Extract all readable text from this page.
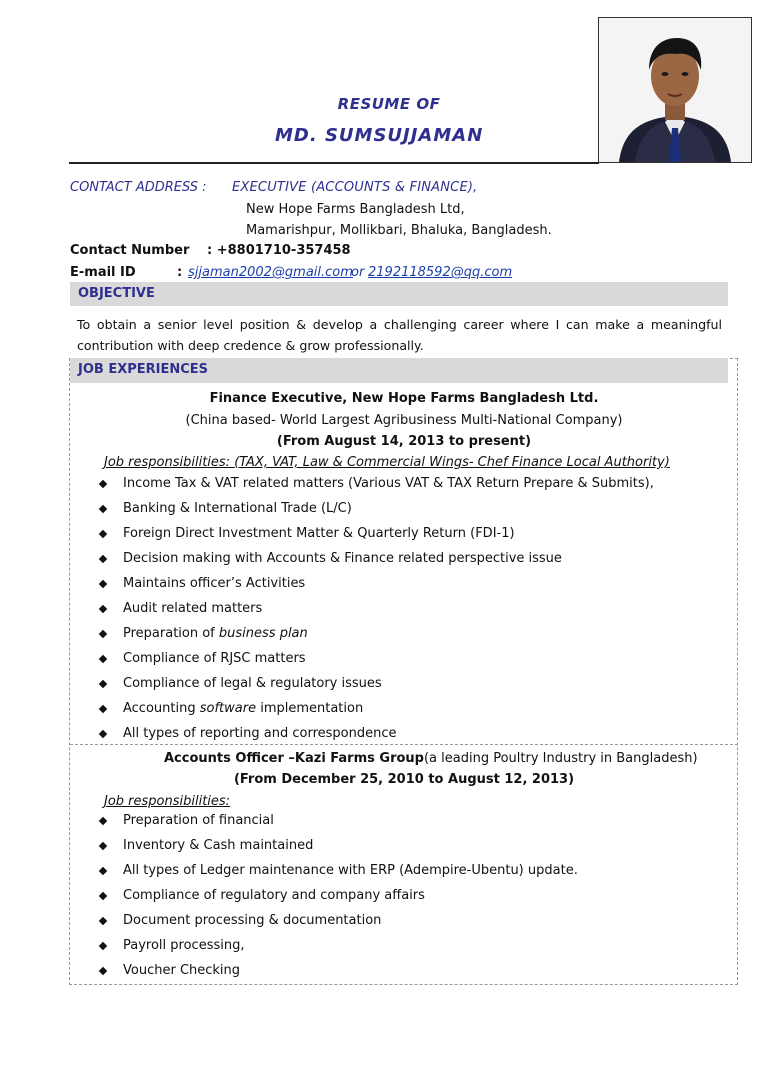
RESUME OF
MD. SUMSUJJAMAN
CONTACT ADDRESS : EXECUTIVE (ACCOUNTS & FINANCE),
New Hope Farms Bangladesh Ltd,
Mamarishpur, Mollikbari, Bhaluka, Bangladesh.
Contact Number : +8801710-357458
E-mail ID	: sjjaman2002@gmail.com
or 2192118592@qq.com
OBJECTIVE
To obtain a senior level position & develop a challenging career where I can make a meaningful contribution with deep credence & grow professionally.
JOB EXPERIENCES
Finance Executive, New Hope Farms Bangladesh Ltd.
(China based- World Largest Agribusiness Multi-National Company)
(From August 14, 2013 to present)
Job responsibilities: (TAX, VAT, Law & Commercial Wings- Chef Finance Local Authority)
Income Tax & VAT related matters (Various VAT & TAX Return Prepare & Submits),
Banking & International Trade (L/C)
Foreign Direct Investment Matter & Quarterly Return (FDI-1)
Decision making with Accounts & Finance related perspective issue
Maintains officer’s Activities
Audit related matters
Preparation of business plan
Compliance of RJSC matters
Compliance of legal & regulatory issues
Accounting software implementation
All types of reporting and correspondence
Accounts Officer –Kazi Farms Group(a leading Poultry Industry in Bangladesh)
(From December 25, 2010 to August 12, 2013)
Job responsibilities:
Preparation of financial
Inventory & Cash maintained
All types of Ledger maintenance with ERP (Adempire-Ubentu) update.
Compliance of regulatory and company affairs
Document processing & documentation
Payroll processing,
Voucher Checking
